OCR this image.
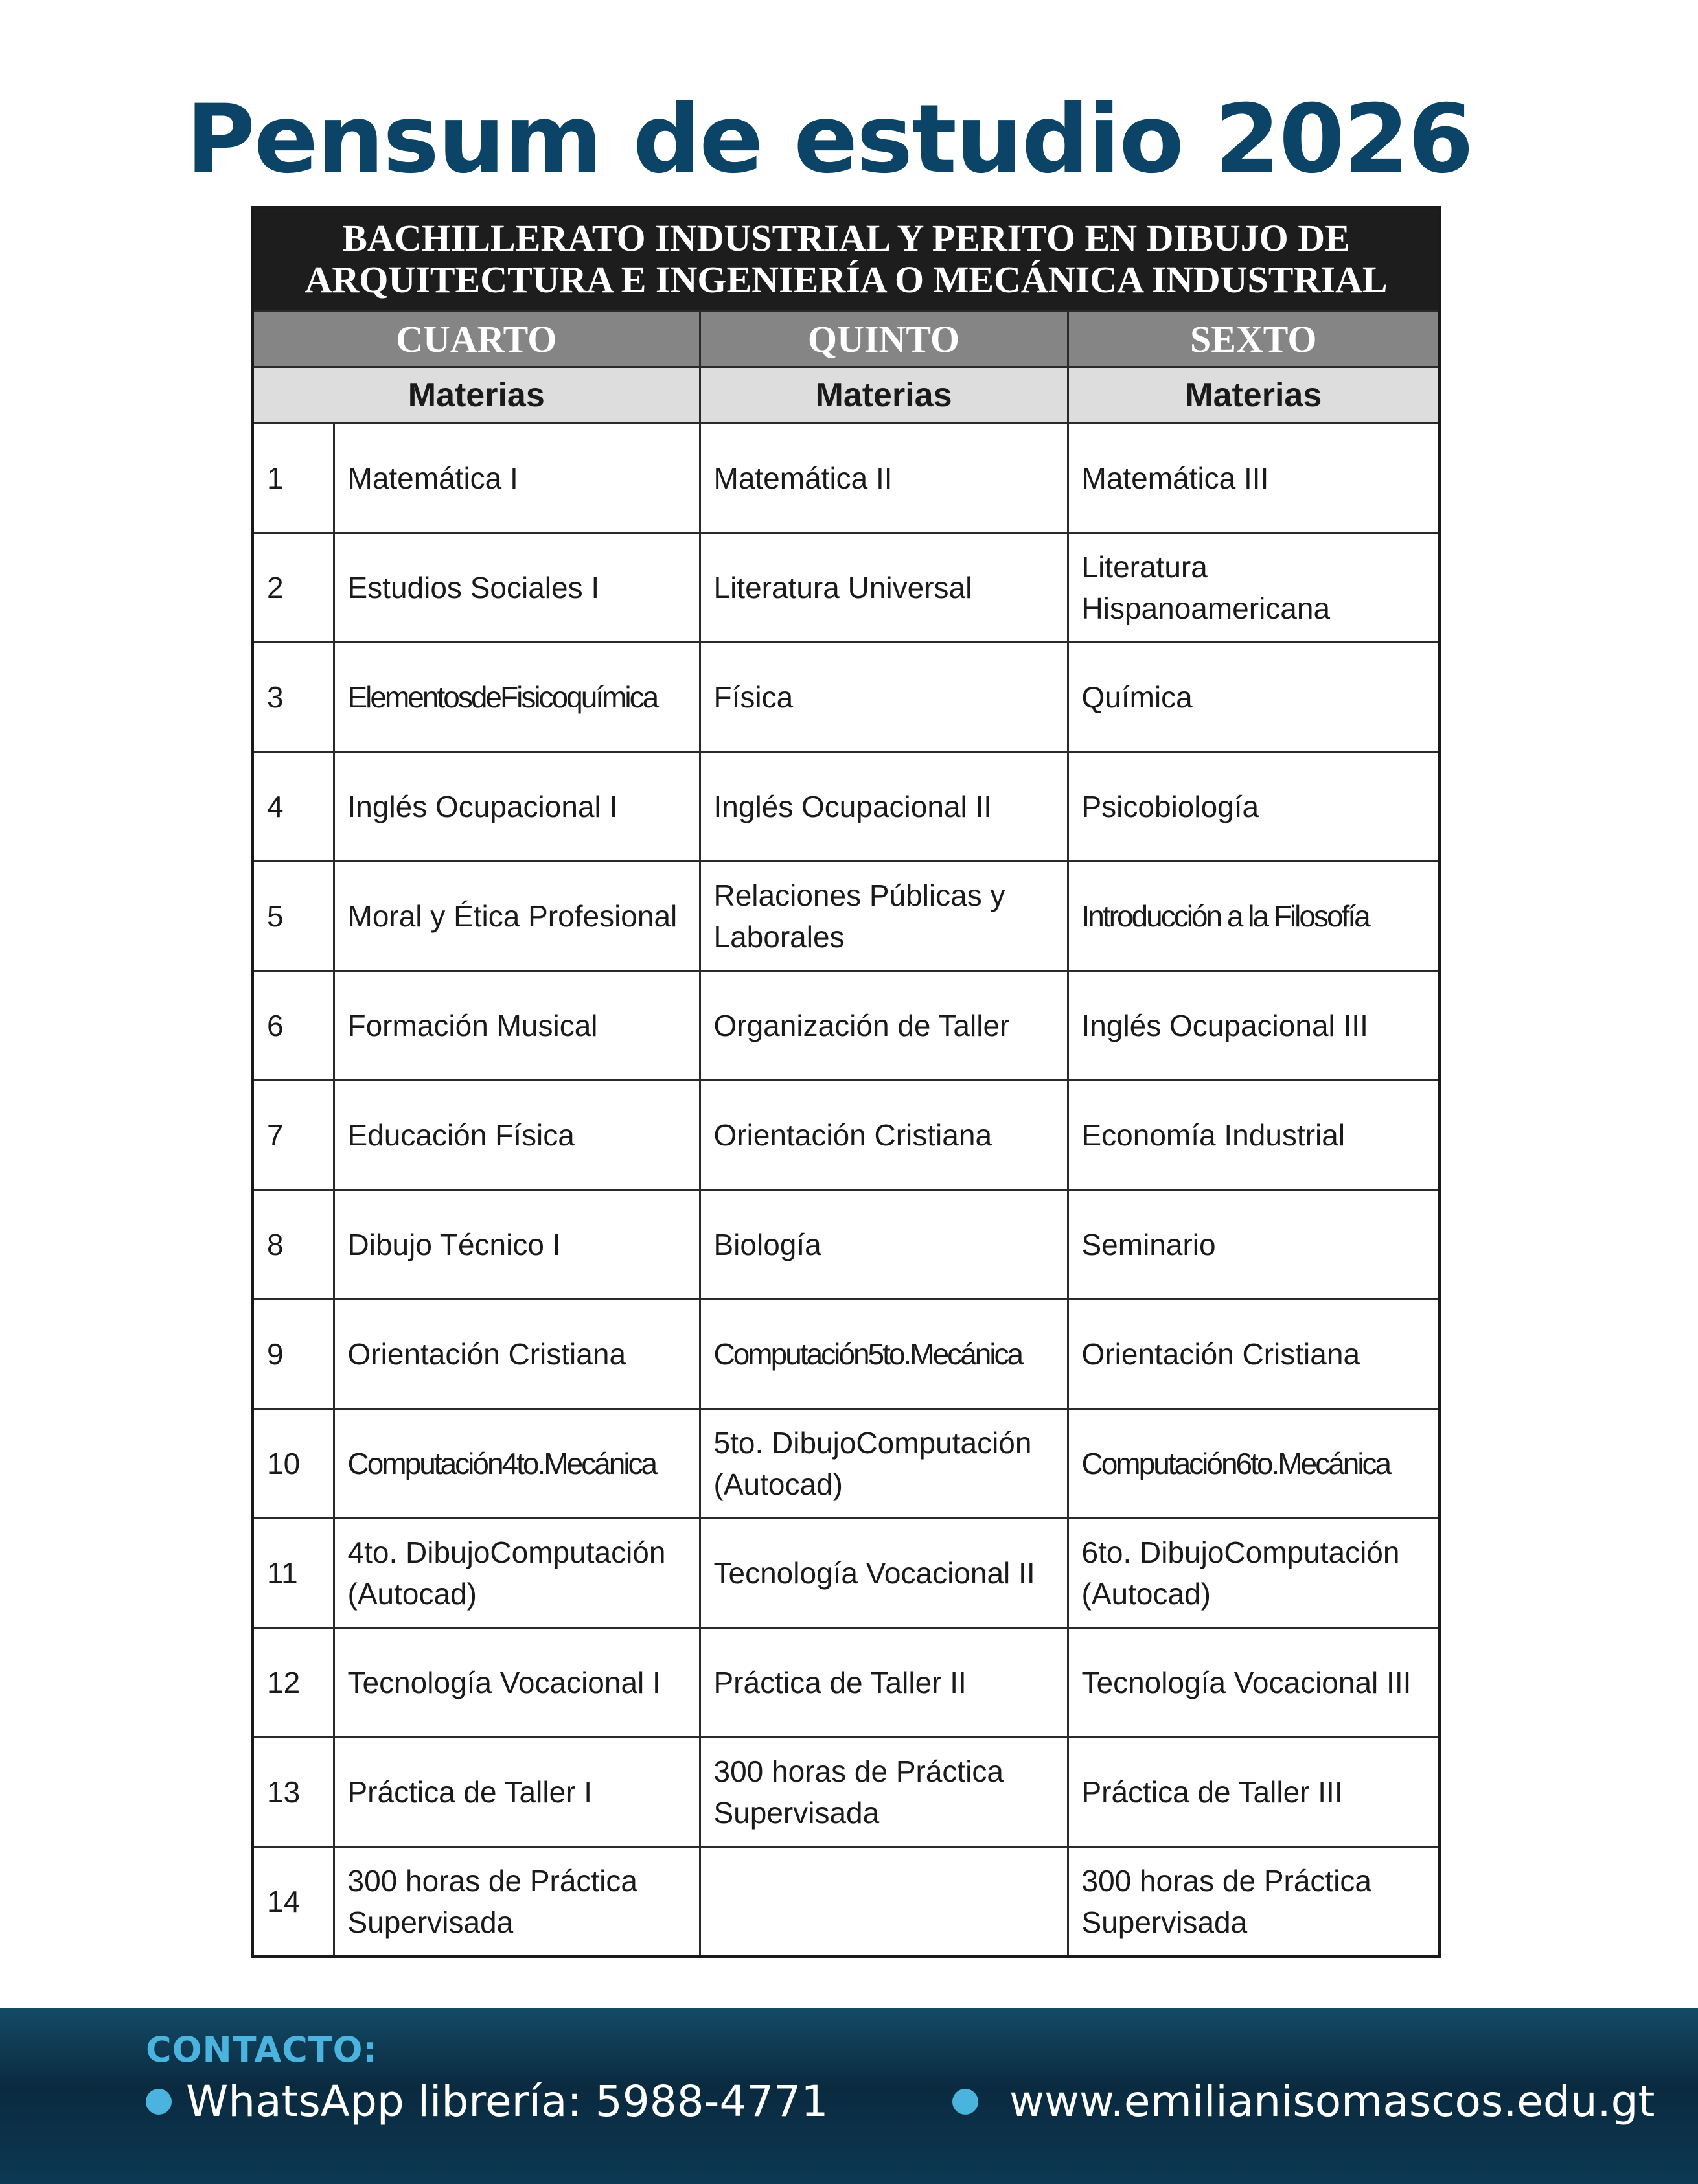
Pensum de estudio 2026
BACHILLERATO INDUSTRIAL Y PERITO EN DIBUJO DE
ARQUITECTURA E INGENIERÍA O MECÁNICA INDUSTRIAL			

CUARTO		QUINTO	SEXTO
Materias		Materias	Materias
1	Matemática I	Matemática II	Matemática III
2	Estudios Sociales I	Literatura Universal	Literatura Hispanoamericana
3	ElementosdeFisicoquímica	Física	Química
4	Inglés Ocupacional I	Inglés Ocupacional II	Psicobiología
5	Moral y Ética Profesional	Relaciones Públicas y Laborales	Introducción a la Filosofía
6	Formación Musical	Organización de Taller	Inglés Ocupacional III
7	Educación Física	Orientación Cristiana	Economía Industrial
8	Dibujo Técnico I	Biología	Seminario
9	Orientación Cristiana	Computación5to.Mecánica	Orientación Cristiana
10	Computación4to.Mecánica	5to. DibujoComputación (Autocad)	Computación6to.Mecánica
11	4to. DibujoComputación (Autocad)	Tecnología Vocacional II	6to. DibujoComputación (Autocad)
12	Tecnología Vocacional I	Práctica de Taller II	Tecnología Vocacional III
13	Práctica de Taller I	300 horas de Práctica Supervisada	Práctica de Taller III
14	300 horas de Práctica Supervisada		300 horas de Práctica Supervisada
CONTACTO:
WhatsApp librería: 5988-4771	www.emilianisomascos.edu.gt
